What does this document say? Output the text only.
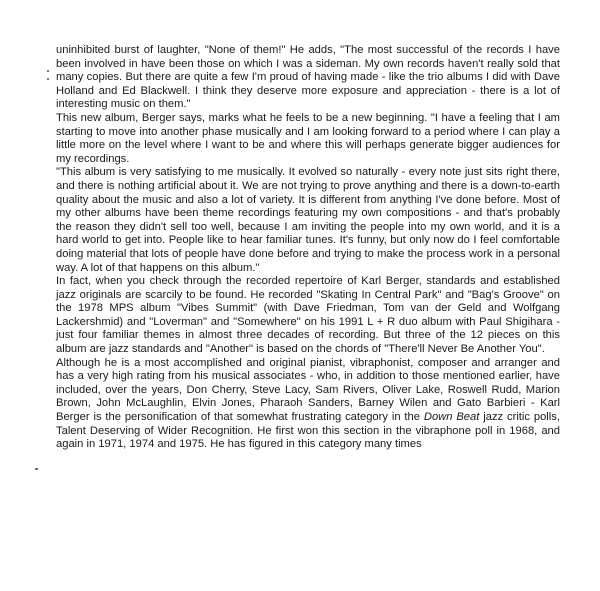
uninhibited burst of laughter, "None of them!" He adds, "The most successful of the records I have been involved in have been those on which I was a sideman. My own records haven't really sold that many copies. But there are quite a few I'm proud of having made - like the trio albums I did with Dave Holland and Ed Blackwell. I think they deserve more exposure and appreciation - there is a lot of interesting music on them."

This new album, Berger says, marks what he feels to be a new beginning. "I have a feeling that I am starting to move into another phase musically and I am looking forward to a period where I can play a little more on the level where I want to be and where this will perhaps generate bigger audiences for my recordings.

"This album is very satisfying to me musically. It evolved so naturally - every note just sits right there, and there is nothing artificial about it. We are not trying to prove anything and there is a down-to-earth quality about the music and also a lot of variety. It is different from anything I've done before. Most of my other albums have been theme recordings featuring my own compositions - and that's probably the reason they didn't sell too well, because I am inviting the people into my own world, and it is a hard world to get into. People like to hear familiar tunes. It's funny, but only now do I feel comfortable doing material that lots of people have done before and trying to make the process work in a personal way. A lot of that happens on this album."

In fact, when you check through the recorded repertoire of Karl Berger, standards and established jazz originals are scarcily to be found. He recorded "Skating In Central Park" and "Bag's Groove" on the 1978 MPS album "Vibes Summit" (with Dave Friedman, Tom van der Geld and Wolfgang Lackershmid) and "Loverman" and "Somewhere" on his 1991 L + R duo album with Paul Shigihara - just four familiar themes in almost three decades of recording. But three of the 12 pieces on this album are jazz standards and "Another" is based on the chords of "There'll Never Be Another You".

Although he is a most accomplished and original pianist, vibraphonist, composer and arranger and has a very high rating from his musical associates - who, in addition to those mentioned earlier, have included, over the years, Don Cherry, Steve Lacy, Sam Rivers, Oliver Lake, Roswell Rudd, Marion Brown, John McLaughlin, Elvin Jones, Pharaoh Sanders, Barney Wilen and Gato Barbieri - Karl Berger is the personification of that somewhat frustrating category in the Down Beat jazz critic polls, Talent Deserving of Wider Recognition. He first won this section in the vibraphone poll in 1968, and again in 1971, 1974 and 1975. He has figured in this category many times
